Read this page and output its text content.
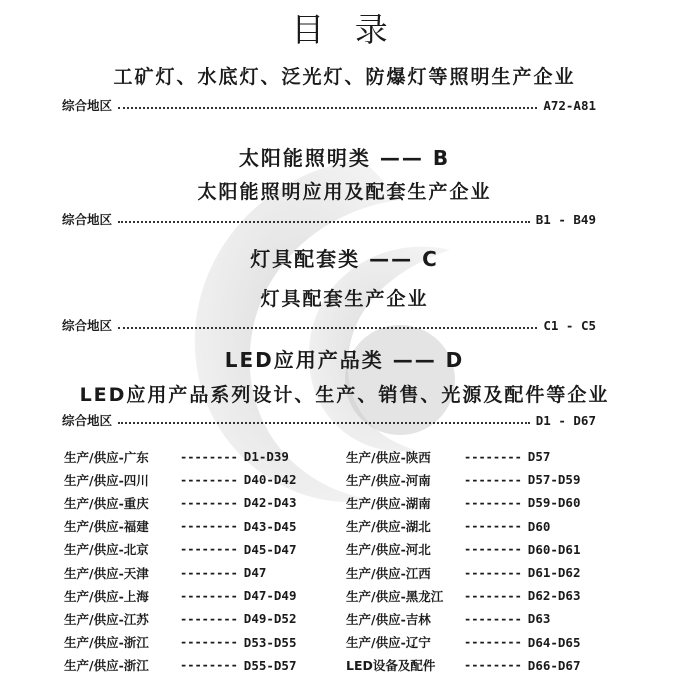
目 录
工矿灯、水底灯、泛光灯、防爆灯等照明生产企业
综合地区	A72-A81
太阳能照明类 —— B
太阳能照明应用及配套生产企业
综合地区	B1 - B49
灯具配套类 —— C
灯具配套生产企业
综合地区	C1 - C5
LED应用产品类 —— D
LED应用产品系列设计、生产、销售、光源及配件等企业
综合地区	D1 - D67
生产/供应-广东	-------- D1-D39
生产/供应-四川	-------- D40-D42
生产/供应-重庆	-------- D42-D43
生产/供应-福建	-------- D43-D45
生产/供应-北京	-------- D45-D47
生产/供应-天津	-------- D47
生产/供应-上海	-------- D47-D49
生产/供应-江苏	-------- D49-D52
生产/供应-浙江	-------- D53-D55
生产/供应-浙江	-------- D55-D57
生产/供应-陕西	-------- D57
生产/供应-河南	-------- D57-D59
生产/供应-湖南	-------- D59-D60
生产/供应-湖北	-------- D60
生产/供应-河北	-------- D60-D61
生产/供应-江西	-------- D61-D62
生产/供应-黑龙江	-------- D62-D63
生产/供应-吉林	-------- D63
生产/供应-辽宁	-------- D64-D65
LED设备及配件	-------- D66-D67
